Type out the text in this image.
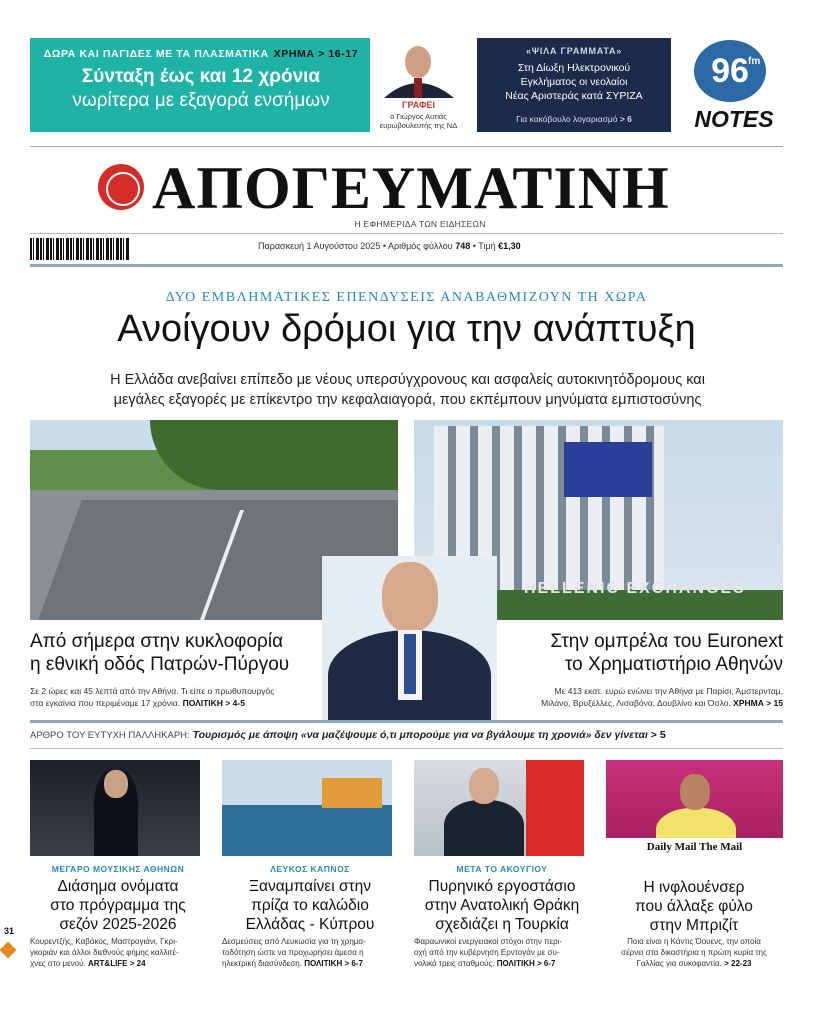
ΔΩΡΑ ΚΑΙ ΠΑΓΙΔΕΣ ΜΕ ΤΑ ΠΛΑΣΜΑΤΙΚΑ ΧΡΗΜΑ > 16-17
Σύνταξη έως και 12 χρόνια
νωρίτερα με εξαγορά ενσήμων	ΓΡΑΦΕΙ
ο Γιώργος Αυτιάς
ευρωβουλευτής της ΝΔ
«ΨΙΛΑ ΓΡΑΜΜΑΤΑ»
Στη Δίωξη Ηλεκτρονικού
Εγκλήματος οι νεολαίοι
Νέας Αριστεράς κατά ΣΥΡΙΖΑ
Για κακόβουλο λογαριασμό > 6
96 fm
NOTES
ΑΠΟΓΕΥΜΑΤΙΝΗ
Η ΕΦΗΜΕΡΙΔΑ ΤΩΝ ΕΙΔΗΣΕΩΝ
Παρασκευή 1 Αυγούστου 2025 • Αριθμός φύλλου 748 • Τιμή €1,30
ΔΥΟ ΕΜΒΛΗΜΑΤΙΚΕΣ ΕΠΕΝΔΥΣΕΙΣ ΑΝΑΒΑΘΜΙΖΟΥΝ ΤΗ ΧΩΡΑ
Ανοίγουν δρόμοι για την ανάπτυξη
Η Ελλάδα ανεβαίνει επίπεδο με νέους υπερσύγχρονους και ασφαλείς αυτοκινητόδρομους και
μεγάλες εξαγορές με επίκεντρο την κεφαλαιαγορά, που εκπέμπουν μηνύματα εμπιστοσύνης
HELLENIC EXCHANGES
Από σήμερα στην κυκλοφορία
η εθνική οδός Πατρών-Πύργου
Σε 2 ώρες και 45 λεπτά από την Αθήνα. Τι είπε ο πρωθυπουργός
στα εγκαίνια που περιμέναμε 17 χρόνια. ΠΟΛΙΤΙΚΗ > 4-5
Στην ομπρέλα του Euronext
το Χρηματιστήριο Αθηνών
Με 413 εκατ. ευρώ ενώνει την Αθήνα με Παρίσι, Άμστερνταμ,
Μιλάνο, Βρυξέλλες, Λισαβόνα, Δουβλίνο και Όσλο. ΧΡΗΜΑ > 15
ΑΡΘΡΟ ΤΟΥ ΕΥΤΥΧΗ ΠΑΛΛΗΚΑΡΗ: Τουρισμός με άποψη «να μαζέψουμε ό,τι μπορούμε για να βγάλουμε τη χρονιά» δεν γίνεται > 5
Daily Mail The Mail
ΜΕΓΑΡΟ ΜΟΥΣΙΚΗΣ ΑΘΗΝΩΝ
Διάσημα ονόματα
στο πρόγραμμα της
σεζόν 2025-2026
Κουρεντζής, Καβάκος, Μαστρογιάνι, Γκρι-
γκοριάν και άλλοι διεθνούς φήμης καλλιτέ-
χνες στο μενού. ART&LIFE > 24
ΛΕΥΚΟΣ ΚΑΠΝΟΣ
Ξαναμπαίνει στην
πρίζα το καλώδιο
Ελλάδας - Κύπρου
Δεσμεύσεις από Λευκωσία για τη χρημα-
τοδότηση ώστε να προχωρήσει άμεσα η
ηλεκτρική διασύνδεση. ΠΟΛΙΤΙΚΗ > 6-7
ΜΕΤΑ ΤΟ ΑΚΟΥΓΙΟΥ
Πυρηνικό εργοστάσιο
στην Ανατολική Θράκη
σχεδιάζει η Τουρκία
Φαραωνικοί ενεργειακοί στόχοι στην περι-
οχή από την κυβέρνηση Ερντογάν με συ-
νολικά τρεις σταθμούς. ΠΟΛΙΤΙΚΗ > 6-7
Η ινφλουένσερ
που άλλαξε φύλο
στην Μπριζίτ
Ποια είναι η Κάντις Όουενς, την οποία
σέρνει στα δικαστήρια η πρώτη κυρία της
Γαλλίας για συκοφαντία. > 22-23
31
